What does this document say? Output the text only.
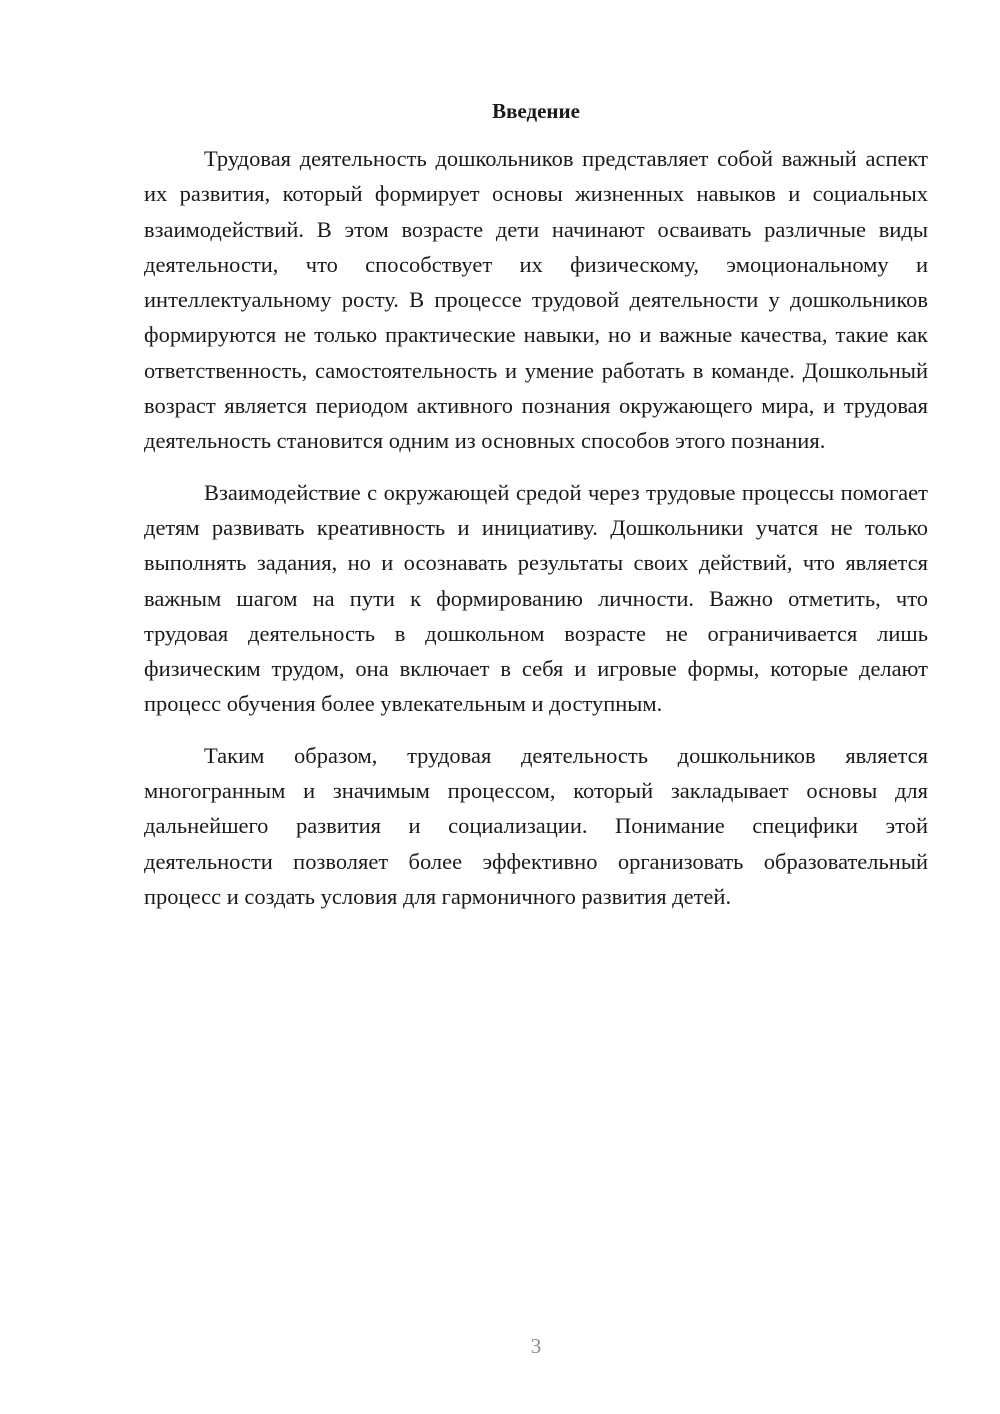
Введение

Трудовая деятельность дошкольников представляет собой важный аспект их развития, который формирует основы жизненных навыков и социальных взаимодействий. В этом возрасте дети начинают осваивать различные виды деятельности, что способствует их физическому, эмоциональному и интеллектуальному росту. В процессе трудовой деятельности у дошкольников формируются не только практические навыки, но и важные качества, такие как ответственность, самостоятельность и умение работать в команде. Дошкольный возраст является периодом активного познания окружающего мира, и трудовая деятельность становится одним из основных способов этого познания.

Взаимодействие с окружающей средой через трудовые процессы помогает детям развивать креативность и инициативу. Дошкольники учатся не только выполнять задания, но и осознавать результаты своих действий, что является важным шагом на пути к формированию личности. Важно отметить, что трудовая деятельность в дошкольном возрасте не ограничивается лишь физическим трудом, она включает в себя и игровые формы, которые делают процесс обучения более увлекательным и доступным.

Таким образом, трудовая деятельность дошкольников является многогранным и значимым процессом, который закладывает основы для дальнейшего развития и социализации. Понимание специфики этой деятельности позволяет более эффективно организовать образовательный процесс и создать условия для гармоничного развития детей.

3
